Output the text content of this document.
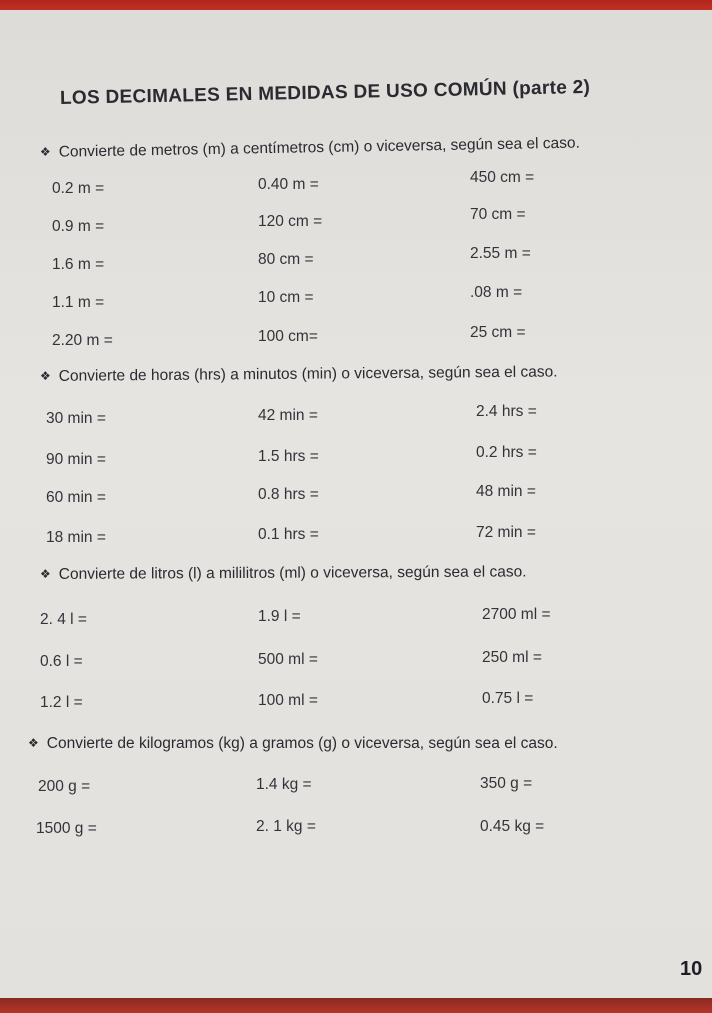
LOS DECIMALES EN MEDIDAS DE USO COMÚN (parte 2)
❖ Convierte de metros (m) a centímetros (cm) o viceversa, según sea el caso.
0.2 m =
0.9 m =
1.6 m =
1.1 m =
2.20 m =
0.40 m =
120 cm =
80 cm =
10 cm =
100 cm=
450 cm =
70 cm =
2.55 m =
.08 m =
25 cm =
❖ Convierte de horas (hrs) a minutos (min) o viceversa, según sea el caso.
30 min =
90 min =
60 min =
18 min =
42 min =
1.5 hrs =
0.8 hrs =
0.1 hrs =
2.4 hrs =
0.2 hrs =
48 min =
72 min =
❖ Convierte de litros (l) a mililitros (ml) o viceversa, según sea el caso.
2. 4 l =
0.6 l =
1.2 l =
1.9 l =
500 ml =
100 ml =
2700 ml =
250 ml =
0.75 l =
❖ Convierte de kilogramos (kg) a gramos (g) o viceversa, según sea el caso.
200 g =
1500 g =
1.4 kg =
2. 1 kg =
350 g =
0.45 kg =
10
